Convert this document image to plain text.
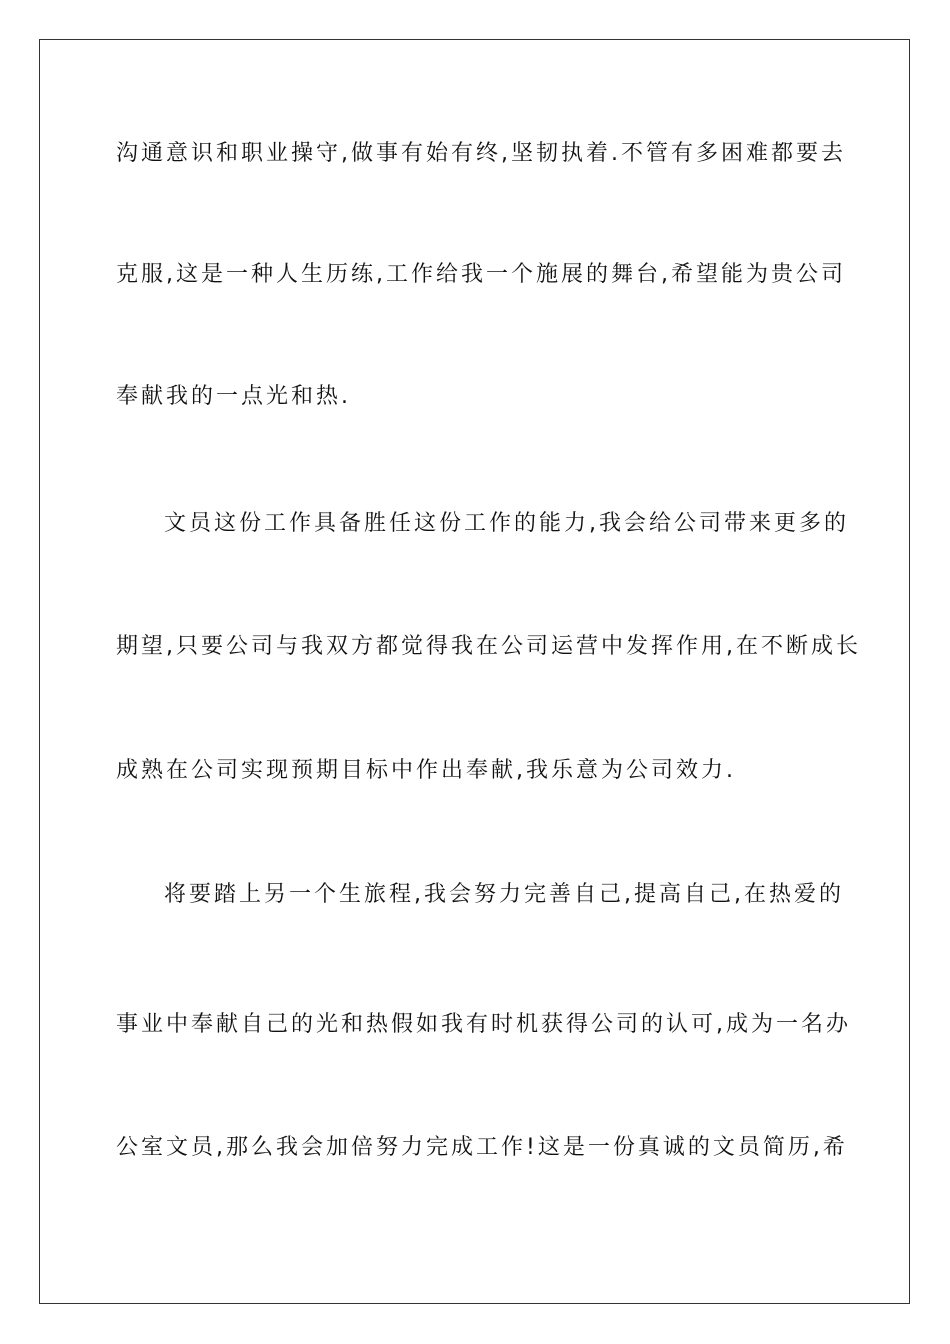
沟通意识和职业操守,做事有始有终,坚韧执着.不管有多困难都要去

克服,这是一种人生历练,工作给我一个施展的舞台,希望能为贵公司

奉献我的一点光和热.

文员这份工作具备胜任这份工作的能力,我会给公司带来更多的

期望,只要公司与我双方都觉得我在公司运营中发挥作用,在不断成长

成熟在公司实现预期目标中作出奉献,我乐意为公司效力.

将要踏上另一个生旅程,我会努力完善自己,提高自己,在热爱的

事业中奉献自己的光和热假如我有时机获得公司的认可,成为一名办

公室文员,那么我会加倍努力完成工作!这是一份真诚的文员简历,希
